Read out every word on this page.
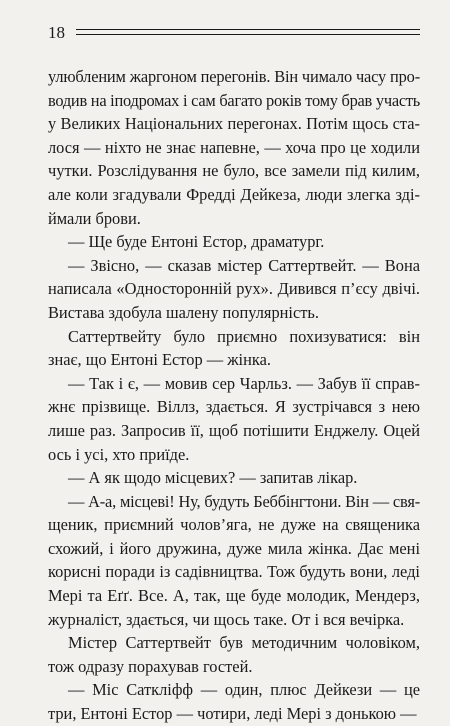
18

улюбленим жаргоном перегонів. Він чимало часу про-
водив на іподромах і сам багато років тому брав участь
у Великих Національних перегонах. Потім щось ста-
лося — ніхто не знає напевне, — хоча про це ходили
чутки. Розслідування не було, все замели під килим,
але коли згадували Фредді Дейкеза, люди злегка зді-
ймали брови.

— Ще буде Ентоні Естор, драматург.

— Звісно, — сказав містер Саттертвейт. — Вона
написала «Односторонній рух». Дивився п’єсу двічі.
Вистава здобула шалену популярність.

Саттертвейту було приємно похизуватися: він
знає, що Ентоні Естор — жінка.

— Так і є, — мовив сер Чарльз. — Забув її справ-
жнє прізвище. Віллз, здається. Я зустрічався з нею
лише раз. Запросив її, щоб потішити Енджелу. Оцей
ось і усі, хто приїде.

— А як щодо місцевих? — запитав лікар.

— А-а, місцеві! Ну, будуть Беббінгтони. Він — свя-
щеник, приємний чолов’яга, не дуже на священика
схожий, і його дружина, дуже мила жінка. Дає мені
корисні поради із садівництва. Тож будуть вони, леді
Мері та Еґґ. Все. А, так, ще буде молодик, Мендерз,
журналіст, здається, чи щось таке. От і вся вечірка.

Містер Саттертвейт був методичним чоловіком,
тож одразу порахував гостей.

— Міс Саткліфф — один, плюс Дейкези — це
три, Ентоні Естор — чотири, леді Мері з донькою —
